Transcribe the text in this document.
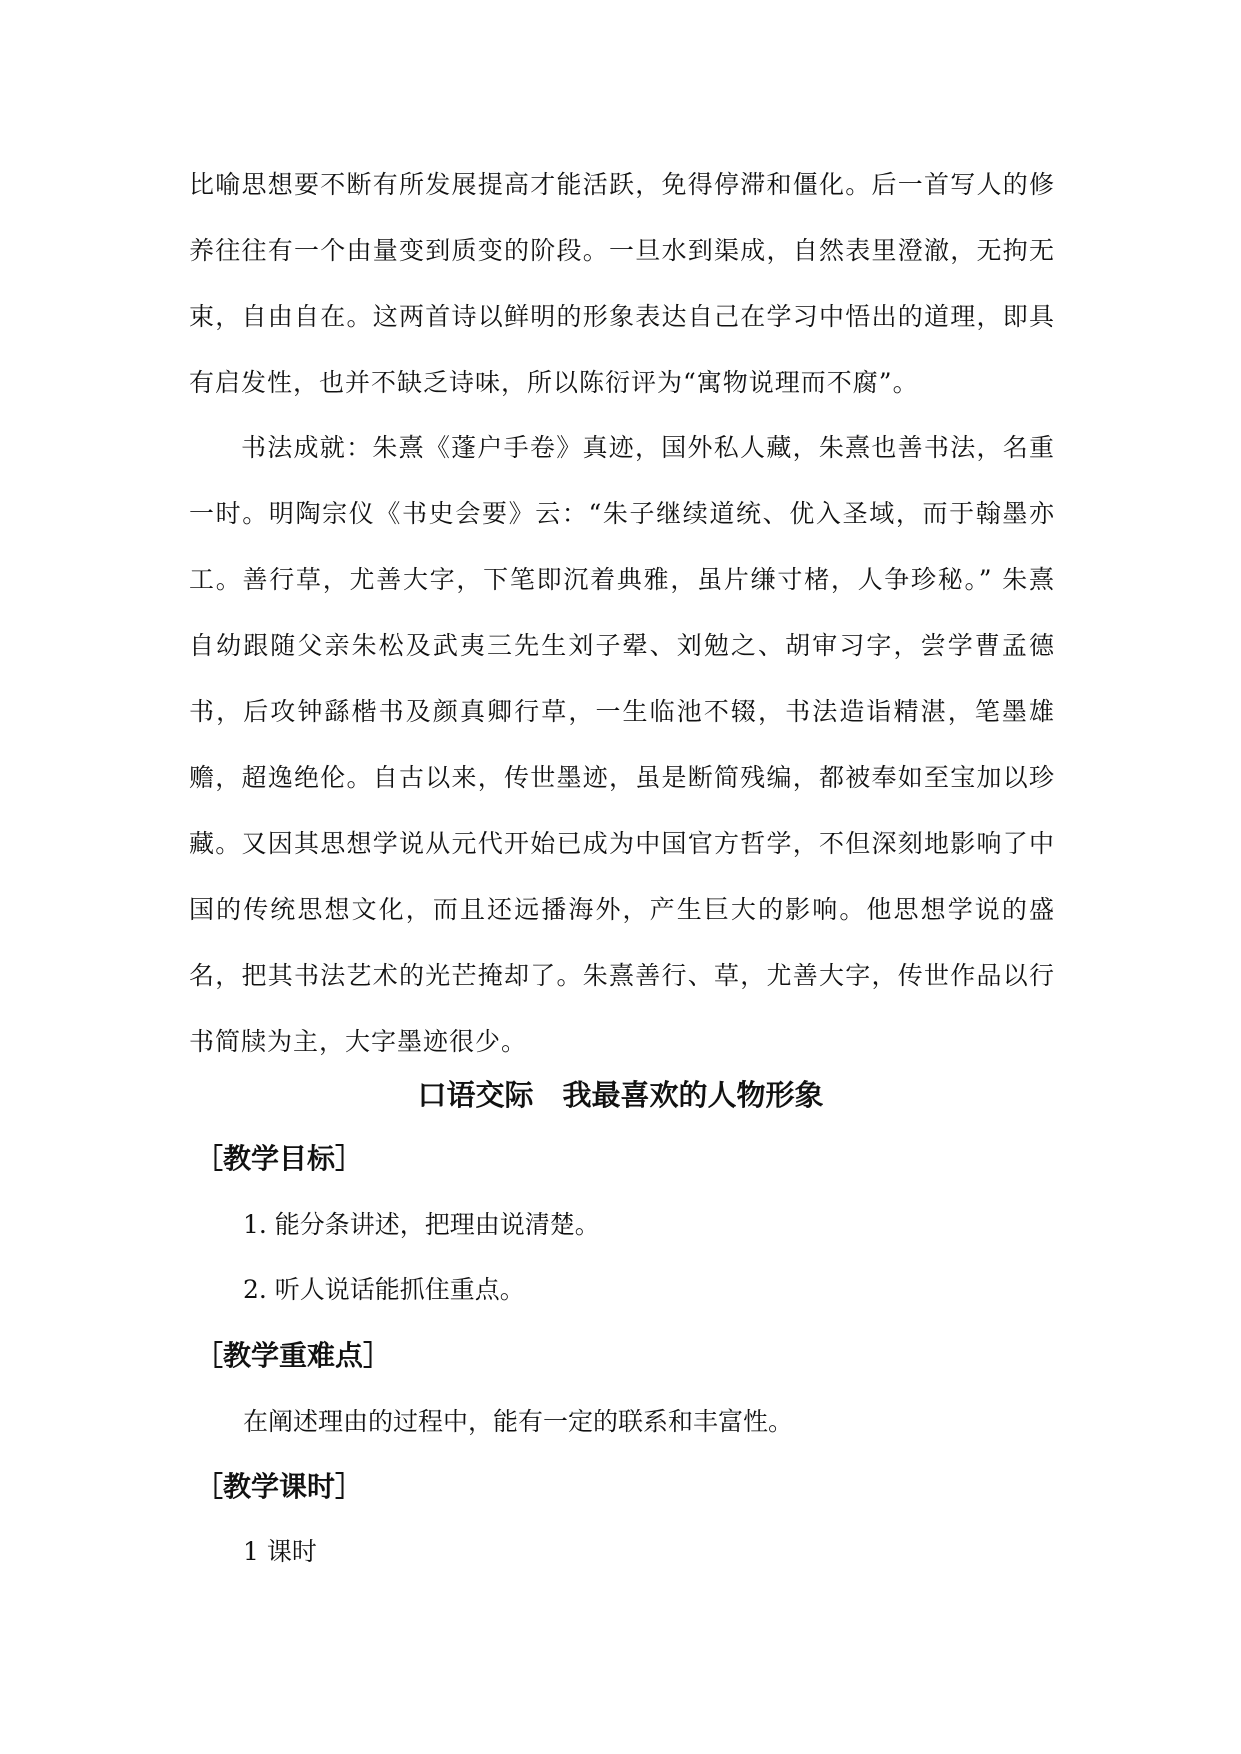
比喻思想要不断有所发展提高才能活跃，免得停滞和僵化。后一首写人的修养往往有一个由量变到质变的阶段。一旦水到渠成，自然表里澄澈，无拘无束，自由自在。这两首诗以鲜明的形象表达自己在学习中悟出的道理，即具有启发性，也并不缺乏诗味，所以陈衍评为“寓物说理而不腐”。

书法成就：朱熹《蓬户手卷》真迹，国外私人藏，朱熹也善书法，名重一时。明陶宗仪《书史会要》云：“朱子继续道统、优入圣域，而于翰墨亦工。善行草，尤善大字，下笔即沉着典雅，虽片缣寸楮，人争珍秘。” 朱熹自幼跟随父亲朱松及武夷三先生刘子翚、刘勉之、胡审习字，尝学曹孟德书，后攻钟繇楷书及颜真卿行草，一生临池不辍，书法造诣精湛，笔墨雄赡，超逸绝伦。自古以来，传世墨迹，虽是断简残编，都被奉如至宝加以珍藏。又因其思想学说从元代开始已成为中国官方哲学，不但深刻地影响了中国的传统思想文化，而且还远播海外，产生巨大的影响。他思想学说的盛名，把其书法艺术的光芒掩却了。朱熹善行、草，尤善大字，传世作品以行书简牍为主，大字墨迹很少。

口语交际　我最喜欢的人物形象
［教学目标］

1. 能分条讲述，把理由说清楚。

2. 听人说话能抓住重点。

［教学重难点］

在阐述理由的过程中，能有一定的联系和丰富性。

［教学课时］

1 课时
